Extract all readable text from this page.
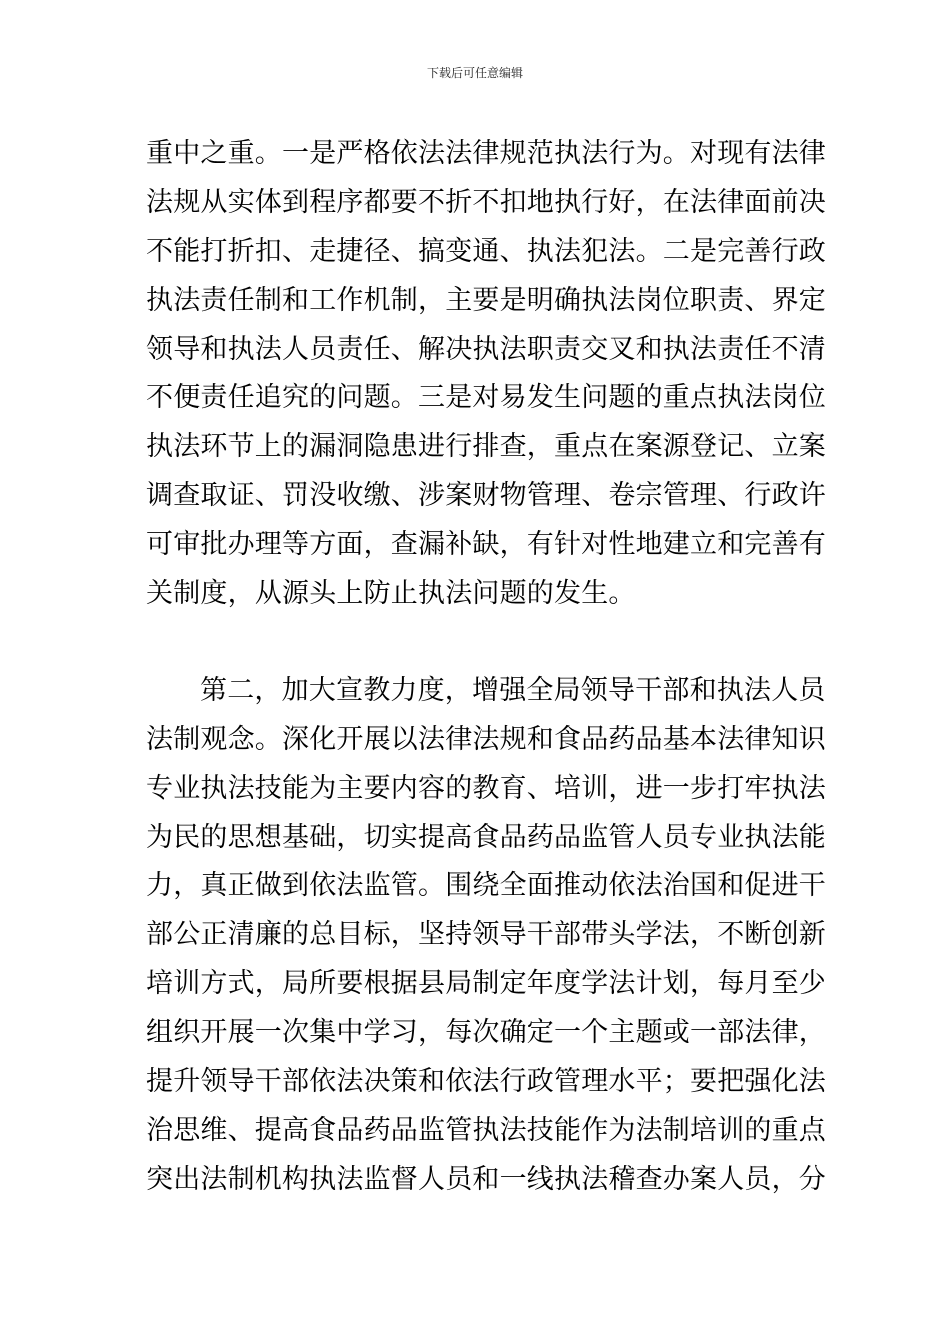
下载后可任意编辑
重中之重。一是严格依法法律规范执法行为。对现有法律
法规从实体到程序都要不折不扣地执行好，在法律面前决
不能打折扣、走捷径、搞变通、执法犯法。二是完善行政
执法责任制和工作机制，主要是明确执法岗位职责、界定
领导和执法人员责任、解决执法职责交叉和执法责任不清
不便责任追究的问题。三是对易发生问题的重点执法岗位
执法环节上的漏洞隐患进行排查，重点在案源登记、立案
调查取证、罚没收缴、涉案财物管理、卷宗管理、行政许
可审批办理等方面，查漏补缺，有针对性地建立和完善有
关制度，从源头上防止执法问题的发生。
第二，加大宣教力度，增强全局领导干部和执法人员
法制观念。深化开展以法律法规和食品药品基本法律知识
专业执法技能为主要内容的教育、培训，进一步打牢执法
为民的思想基础，切实提高食品药品监管人员专业执法能
力，真正做到依法监管。围绕全面推动依法治国和促进干
部公正清廉的总目标，坚持领导干部带头学法，不断创新
培训方式，局所要根据县局制定年度学法计划，每月至少
组织开展一次集中学习，每次确定一个主题或一部法律，
提升领导干部依法决策和依法行政管理水平；要把强化法
治思维、提高食品药品监管执法技能作为法制培训的重点
突出法制机构执法监督人员和一线执法稽查办案人员，分
